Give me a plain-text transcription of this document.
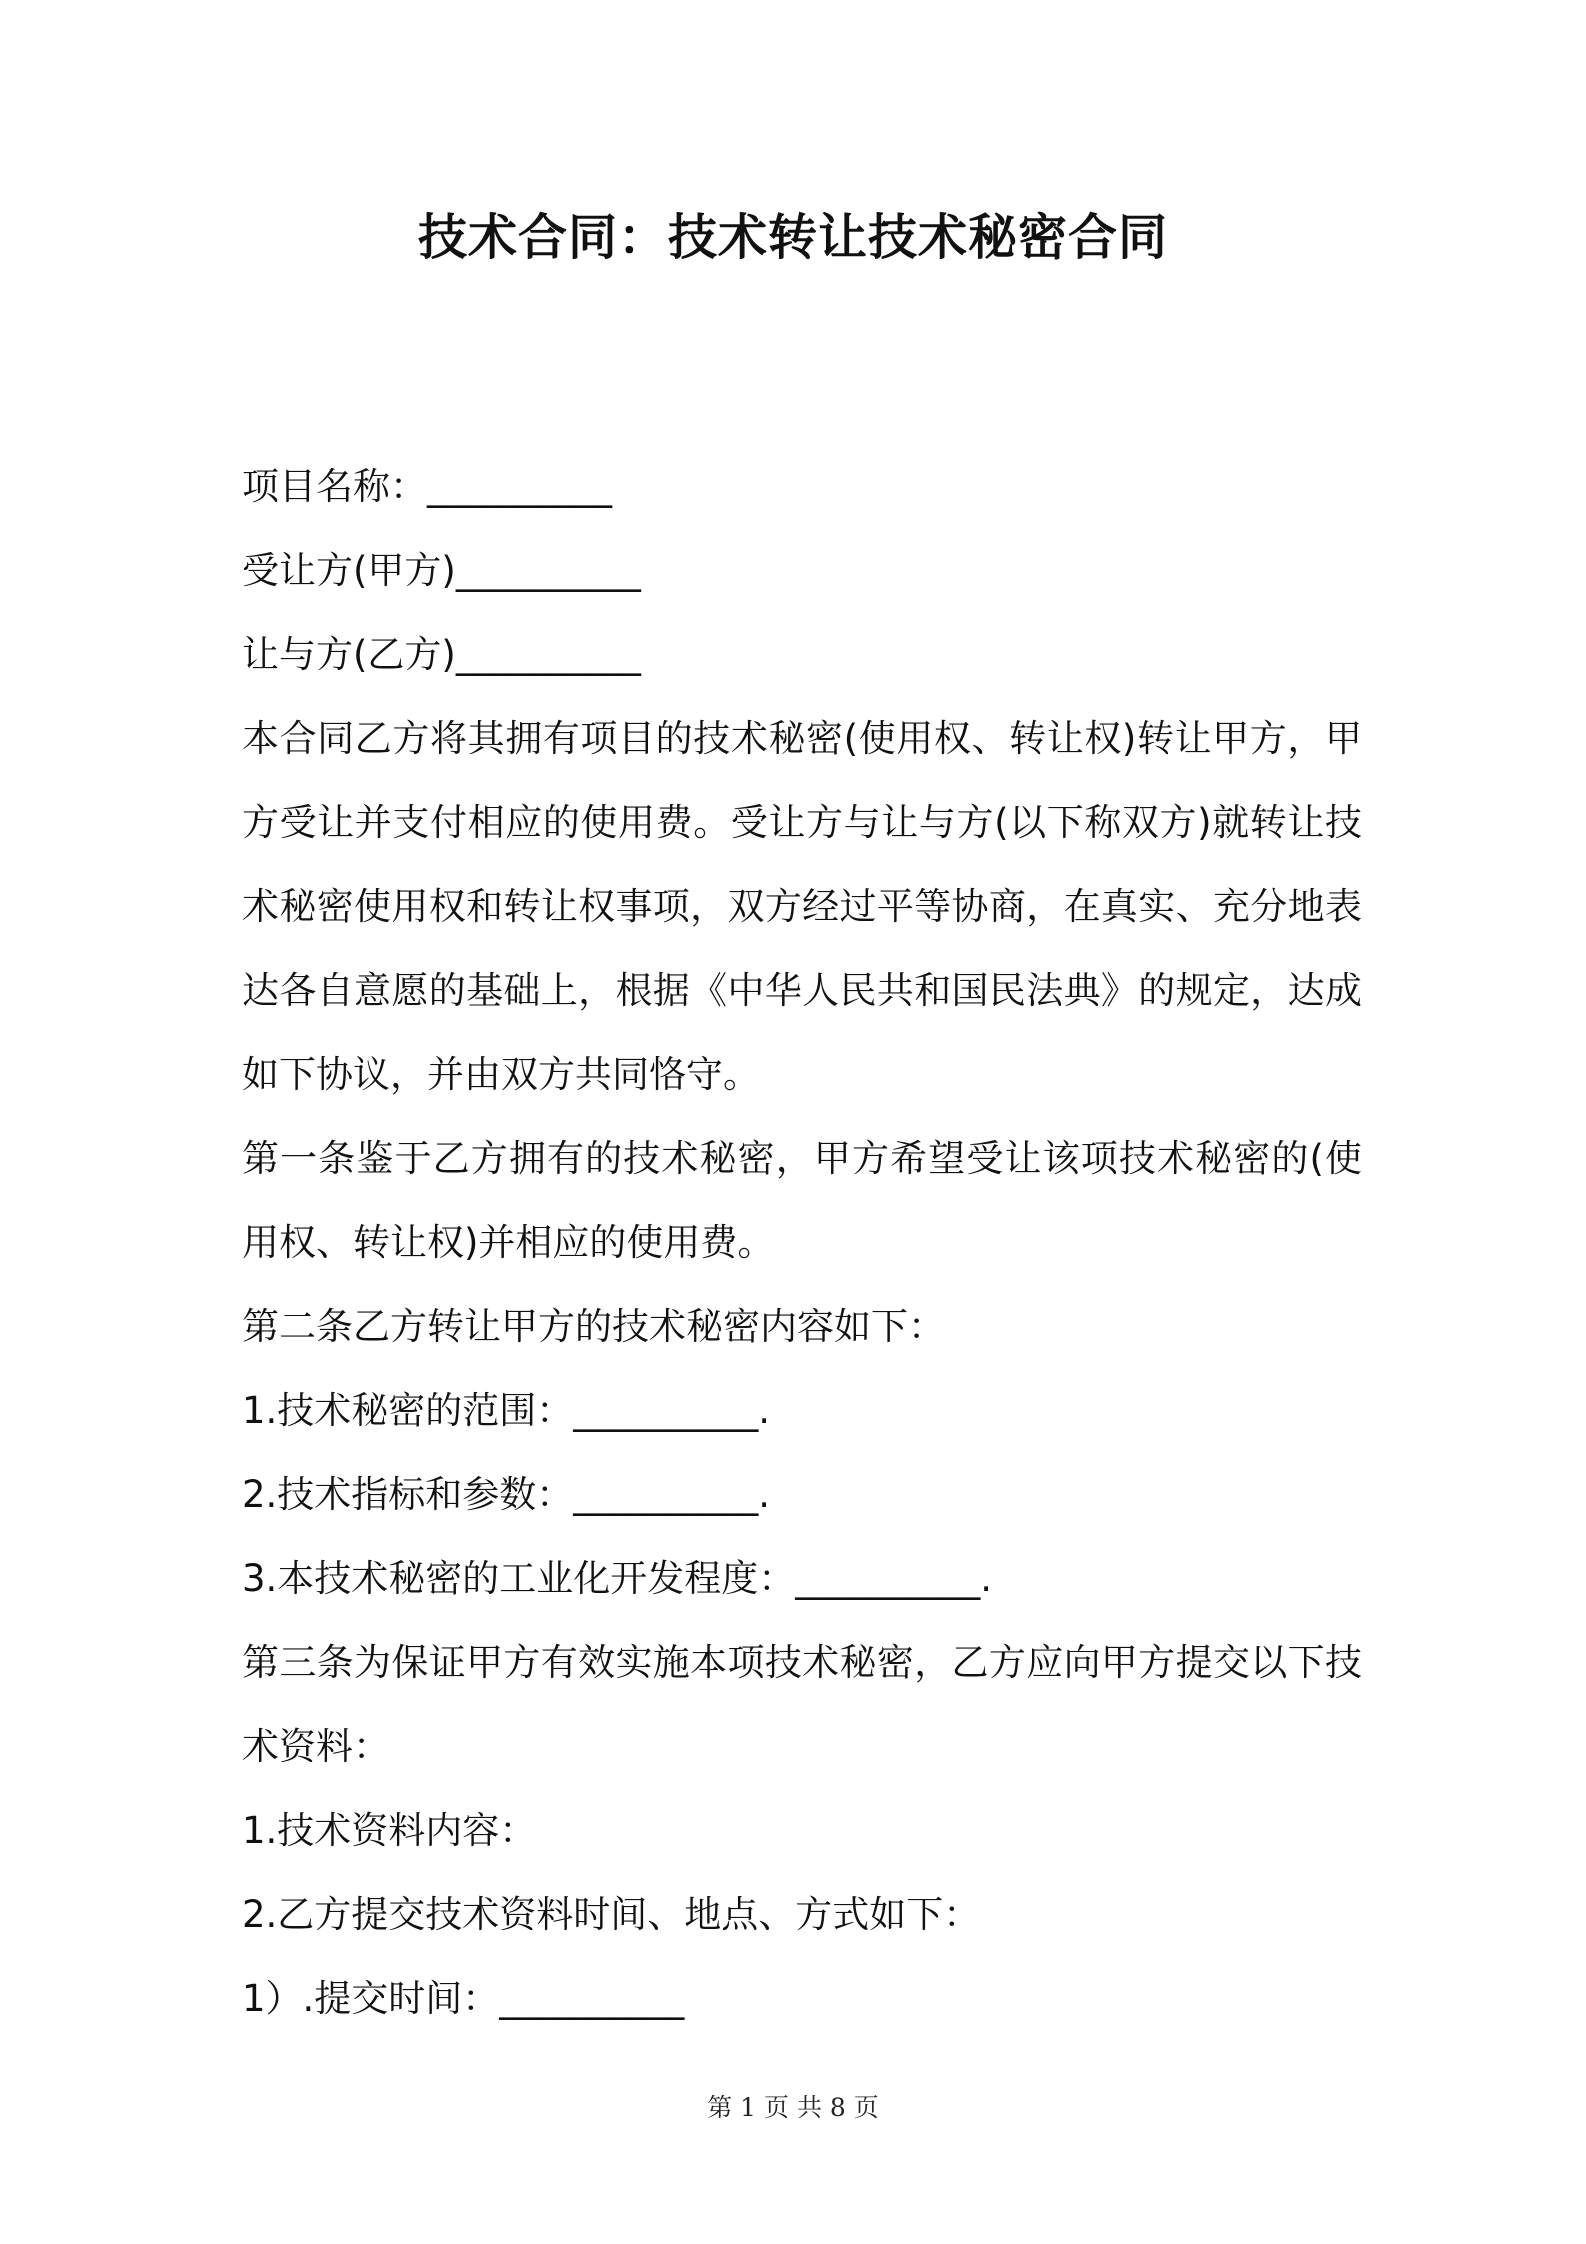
技术合同：技术转让技术秘密合同

项目名称：__________

受让方(甲方)__________

让与方(乙方)__________

本合同乙方将其拥有项目的技术秘密(使用权、转让权)转让甲方，甲方受让并支付相应的使用费。受让方与让与方(以下称双方)就转让技术秘密使用权和转让权事项，双方经过平等协商，在真实、充分地表达各自意愿的基础上，根据《中华人民共和国民法典》的规定，达成如下协议，并由双方共同恪守。

第一条鉴于乙方拥有的技术秘密，甲方希望受让该项技术秘密的(使用权、转让权)并相应的使用费。

第二条乙方转让甲方的技术秘密内容如下：

1.技术秘密的范围：__________.

2.技术指标和参数：__________.

3.本技术秘密的工业化开发程度：__________.

第三条为保证甲方有效实施本项技术秘密，乙方应向甲方提交以下技术资料：

1.技术资料内容：

2.乙方提交技术资料时间、地点、方式如下：

1）.提交时间：__________

第 1 页 共 8 页
